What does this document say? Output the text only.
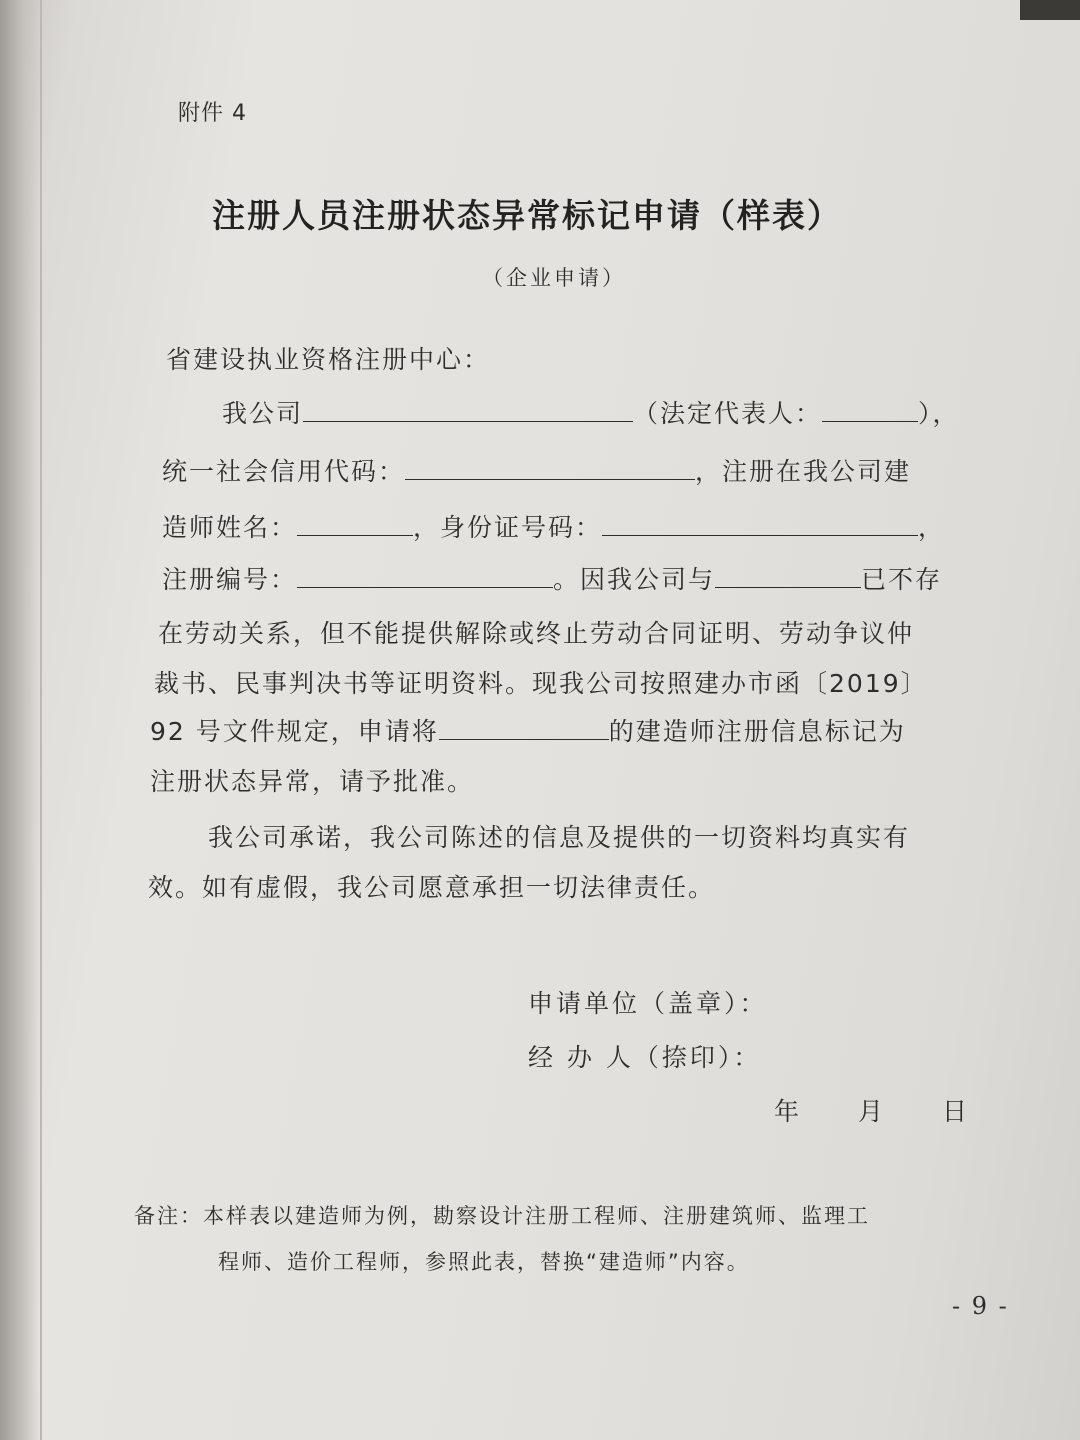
附件 4
注册人员注册状态异常标记申请（样表）
（企业申请）
省建设执业资格注册中心：
我公司	（法定代表人：	），
统一社会信用代码：	，注册在我公司建
造师姓名：	，身份证号码：	，
注册编号：	。因我公司与	已不存
在劳动关系，但不能提供解除或终止劳动合同证明、劳动争议仲
裁书、民事判决书等证明资料。现我公司按照建办市函〔2019〕
92 号文件规定，申请将	的建造师注册信息标记为
注册状态异常，请予批准。
我公司承诺，我公司陈述的信息及提供的一切资料均真实有
效。如有虚假，我公司愿意承担一切法律责任。
申请单位（盖章）：
经 办 人（捺印）：
年　　月　　日
备注：本样表以建造师为例，勘察设计注册工程师、注册建筑师、监理工
程师、造价工程师，参照此表，替换“建造师”内容。
- 9 -
